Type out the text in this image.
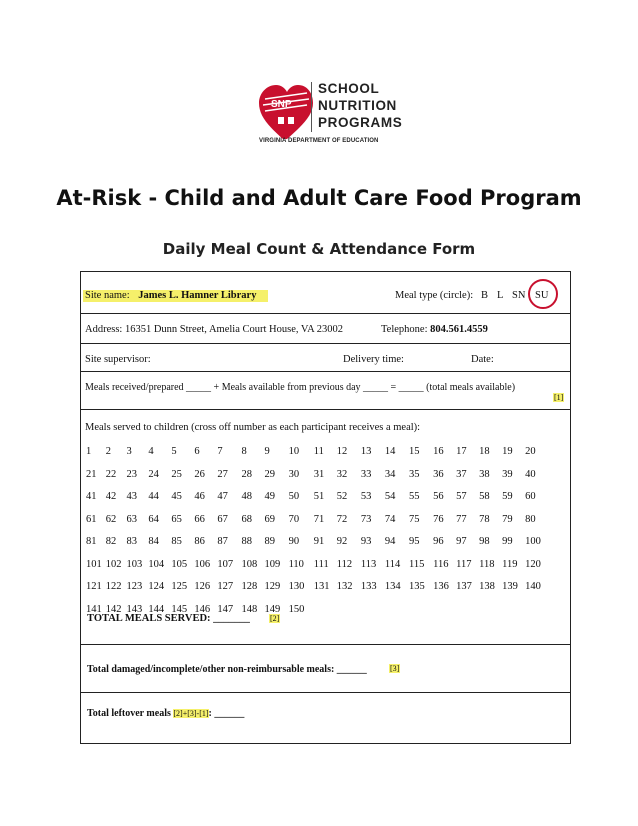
SNP
SCHOOL
NUTRITION
PROGRAMS
VIRGINIA DEPARTMENT OF EDUCATION
At-Risk - Child and Adult Care Food Program
Daily Meal Count & Attendance Form
Site name: James L. Hamner Library	Meal type (circle): B L SN SU
Address: 16351 Dunn Street, Amelia Court House, VA 23002	Telephone: 804.561.4559
Site supervisor:	Delivery time:	Date:
Meals received/prepared _____ + Meals available from previous day _____ = _____ (total meals available)
[1]
Meals served to children (cross off number as each participant receives a meal):
1 2 3 4 5 6 7 8 9 10 11 12 13 14 15 16 17 18 19 20
21 22 23 24 25 26 27 28 29 30 31 32 33 34 35 36 37 38 39 40
41 42 43 44 45 46 47 48 49 50 51 52 53 54 55 56 57 58 59 60
61 62 63 64 65 66 67 68 69 70 71 72 73 74 75 76 77 78 79 80
81 82 83 84 85 86 87 88 89 90 91 92 93 94 95 96 97 98 99 100
101 102 103 104 105 106 107 108 109 110 111 112 113 114 115 116 117 118 119 120
121 122 123 124 125 126 127 128 129 130 131 132 133 134 135 136 137 138 139 140
141 142 143 144 145 146 147 148 149 150
TOTAL MEALS SERVED: _______	[2]
Total damaged/incomplete/other non-reimbursable meals: ______	[3]
Total leftover meals [2]+[3]-[1]: ______
